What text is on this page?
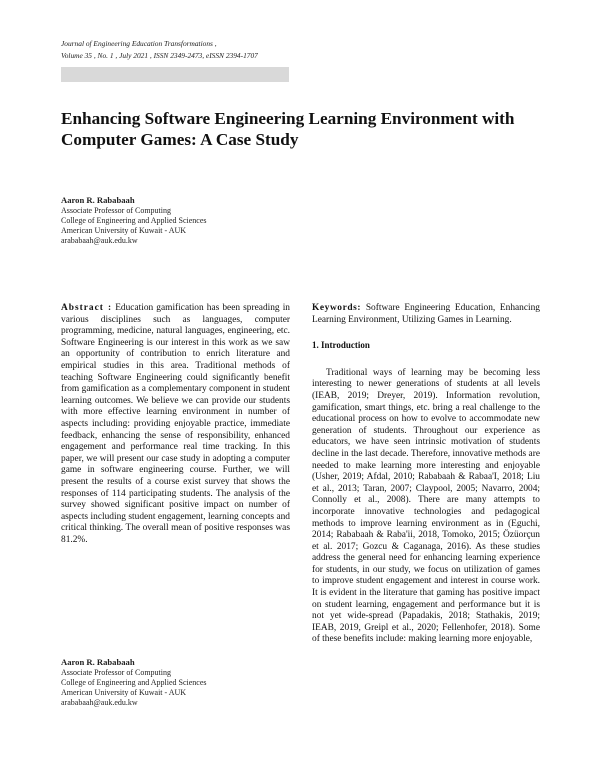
Journal of Engineering Education Transformations ,
Volume 35 , No. 1 , July 2021 , ISSN 2349-2473, eISSN 2394-1707
Enhancing Software Engineering Learning Environment with Computer Games: A Case Study
Aaron R. Rababaah
Associate Professor of Computing
College of Engineering and Applied Sciences
American University of Kuwait - AUK
arababaah@auk.edu.kw

Abstract : Education gamification has been spreading in various disciplines such as languages, computer programming, medicine, natural languages, engineering, etc. Software Engineering is our interest in this work as we saw an opportunity of contribution to enrich literature and empirical studies in this area. Traditional methods of teaching Software Engineering could significantly benefit from gamification as a complementary component in student learning outcomes. We believe we can provide our students with more effective learning environment in number of aspects including: providing enjoyable practice, immediate feedback, enhancing the sense of responsibility, enhanced engagement and performance real time tracking. In this paper, we will present our case study in adopting a computer game in software engineering course. Further, we will present the results of a course exist survey that shows the responses of 114 participating students. The analysis of the survey showed significant positive impact on number of aspects including student engagement, learning concepts and critical thinking. The overall mean of positive responses was 81.2%.

Aaron R. Rababaah
Associate Professor of Computing
College of Engineering and Applied Sciences
American University of Kuwait - AUK
arababaah@auk.edu.kw

Keywords: Software Engineering Education, Enhancing Learning Environment, Utilizing Games in Learning.

1. Introduction

Traditional ways of learning may be becoming less interesting to newer generations of students at all levels (IEAB, 2019; Dreyer, 2019). Information revolution, gamification, smart things, etc. bring a real challenge to the educational process on how to evolve to accommodate new generation of students. Throughout our experience as educators, we have seen intrinsic motivation of students decline in the last decade. Therefore, innovative methods are needed to make learning more interesting and enjoyable (Usher, 2019; Afdal, 2010; Rababaah & Rabaa'I, 2018; Liu et al., 2013; Taran, 2007; Claypool, 2005; Navarro, 2004; Connolly et al., 2008). There are many attempts to incorporate innovative technologies and pedagogical methods to improve learning environment as in (Eguchi, 2014; Rababaah & Raba'ii, 2018, Tomoko, 2015; Özüorçun et al. 2017; Gozcu & Caganaga, 2016). As these studies address the general need for enhancing learning experience for students, in our study, we focus on utilization of games to improve student engagement and interest in course work. It is evident in the literature that gaming has positive impact on student learning, engagement and performance but it is not yet wide-spread (Papadakis, 2018; Stathakis, 2019; IEAB, 2019, Greipl et al., 2020; Fellenhofer, 2018). Some of these benefits include: making learning more enjoyable,
